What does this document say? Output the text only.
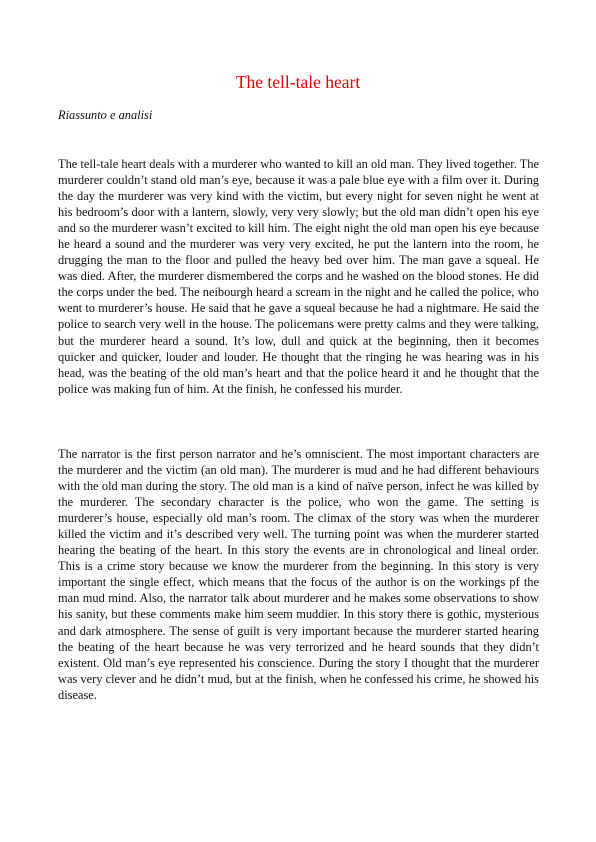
The tell-tale heart

Riassunto e analisi

The tell-tale heart deals with a murderer who wanted to kill an old man. They lived together. The murderer couldn’t stand old man’s eye, because it was a pale blue eye with a film over it. During the day the murderer was very kind with the victim, but every night for seven night he went at his bedroom’s door with a lantern, slowly, very very slowly; but the old man didn’t open his eye and so the murderer wasn’t excited to kill him. The eight night the old man open his eye because he heard a sound and the murderer was very very excited, he put the lantern into the room, he drugging the man to the floor and pulled the heavy bed over him. The man gave a squeal. He was died. After, the murderer dismembered the corps and he washed on the blood stones. He did the corps under the bed. The neibourgh heard a scream in the night and he called the police, who went to murderer’s house. He said that he gave a squeal because he had a nightmare. He said the police to search very well in the house. The policemans were pretty calms and they were talking, but the murderer heard a sound. It’s low, dull and quick at the beginning, then it becomes quicker and quicker, louder and louder. He thought that the ringing he was hearing was in his head, was the beating of the old man’s heart and that the police heard it and he thought that the police was making fun of him. At the finish, he confessed his murder.

The narrator is the first person narrator and he’s omniscient. The most important characters are the murderer and the victim (an old man). The murderer is mud and he had different behaviours with the old man during the story. The old man is a kind of naïve person, infect he was killed by the murderer. The secondary character is the police, who won the game. The setting is murderer’s house, especially old man’s room. The climax of the story was when the murderer killed the victim and it’s described very well. The turning point was when the murderer started hearing the beating of the heart. In this story the events are in chronological and lineal order. This is a crime story because we know the murderer from the beginning. In this story is very important the single effect, which means that the focus of the author is on the workings pf the man mud mind. Also, the narrator talk about murderer and he makes some observations to show his sanity, but these comments make him seem muddier. In this story there is gothic, mysterious and dark atmosphere. The sense of guilt is very important because the murderer started hearing the beating of the heart because he was very terrorized and he heard sounds that they didn’t existent. Old man’s eye represented his conscience. During the story I thought that the murderer was very clever and he didn’t mud, but at the finish, when he confessed his crime, he showed his disease.
